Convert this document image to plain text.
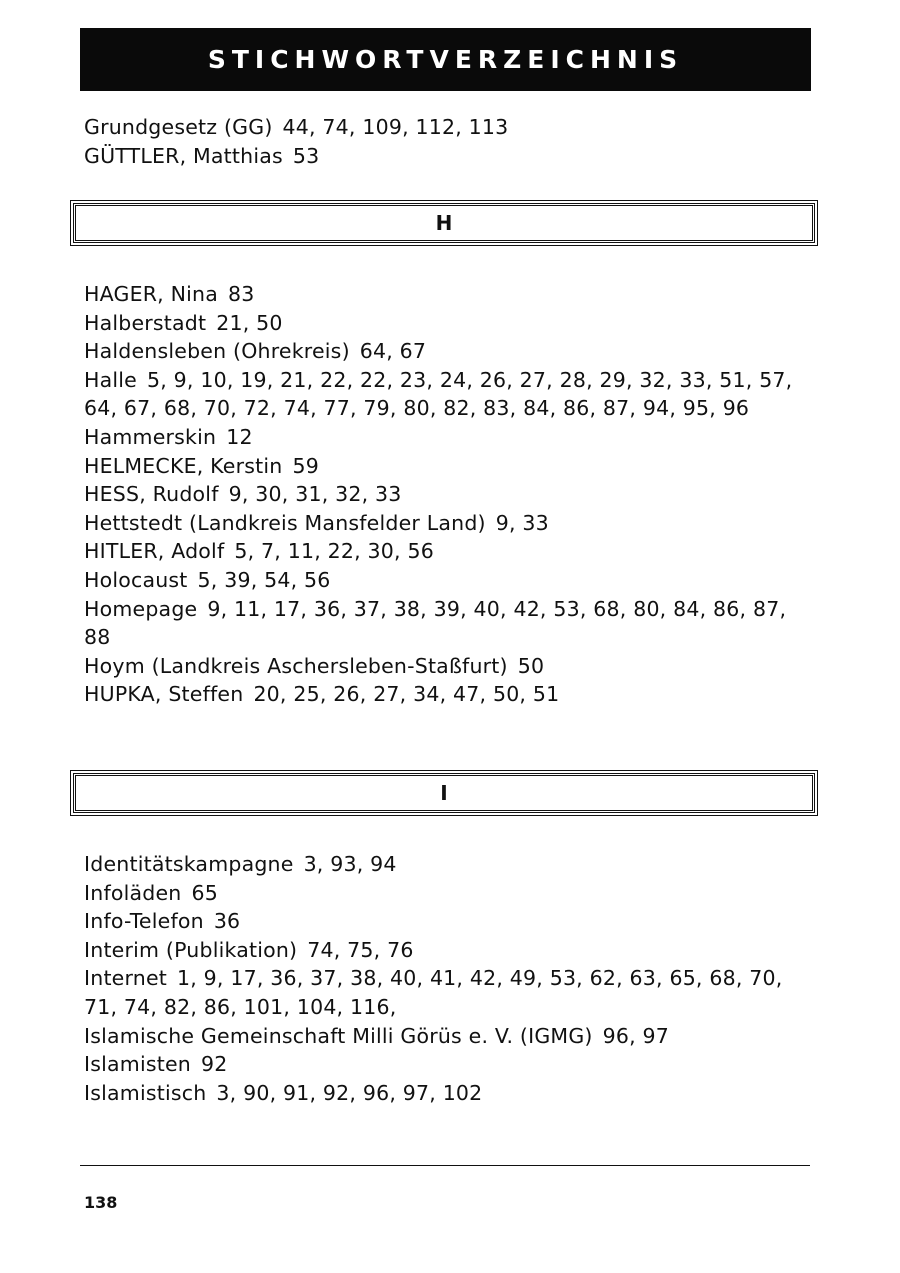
STICHWORTVERZEICHNIS
Grundgesetz (GG) 44, 74, 109, 112, 113
GÜTTLER, Matthias 53
H
HAGER, Nina 83
Halberstadt 21, 50
Haldensleben (Ohrekreis) 64, 67
Halle 5, 9, 10, 19, 21, 22, 22, 23, 24, 26, 27, 28, 29, 32, 33, 51, 57, 64, 67, 68, 70, 72, 74, 77, 79, 80, 82, 83, 84, 86, 87, 94, 95, 96
Hammerskin 12
HELMECKE, Kerstin 59
HESS, Rudolf 9, 30, 31, 32, 33
Hettstedt (Landkreis Mansfelder Land) 9, 33
HITLER, Adolf 5, 7, 11, 22, 30, 56
Holocaust 5, 39, 54, 56
Homepage 9, 11, 17, 36, 37, 38, 39, 40, 42, 53, 68, 80, 84, 86, 87, 88
Hoym (Landkreis Aschersleben-Staßfurt) 50
HUPKA, Steffen 20, 25, 26, 27, 34, 47, 50, 51
I
Identitätskampagne 3, 93, 94
Infoläden 65
Info-Telefon 36
Interim (Publikation) 74, 75, 76
Internet 1, 9, 17, 36, 37, 38, 40, 41, 42, 49, 53, 62, 63, 65, 68, 70, 71, 74, 82, 86, 101, 104, 116,
Islamische Gemeinschaft Milli Görüs e. V. (IGMG) 96, 97
Islamisten 92
Islamistisch 3, 90, 91, 92, 96, 97, 102
138
